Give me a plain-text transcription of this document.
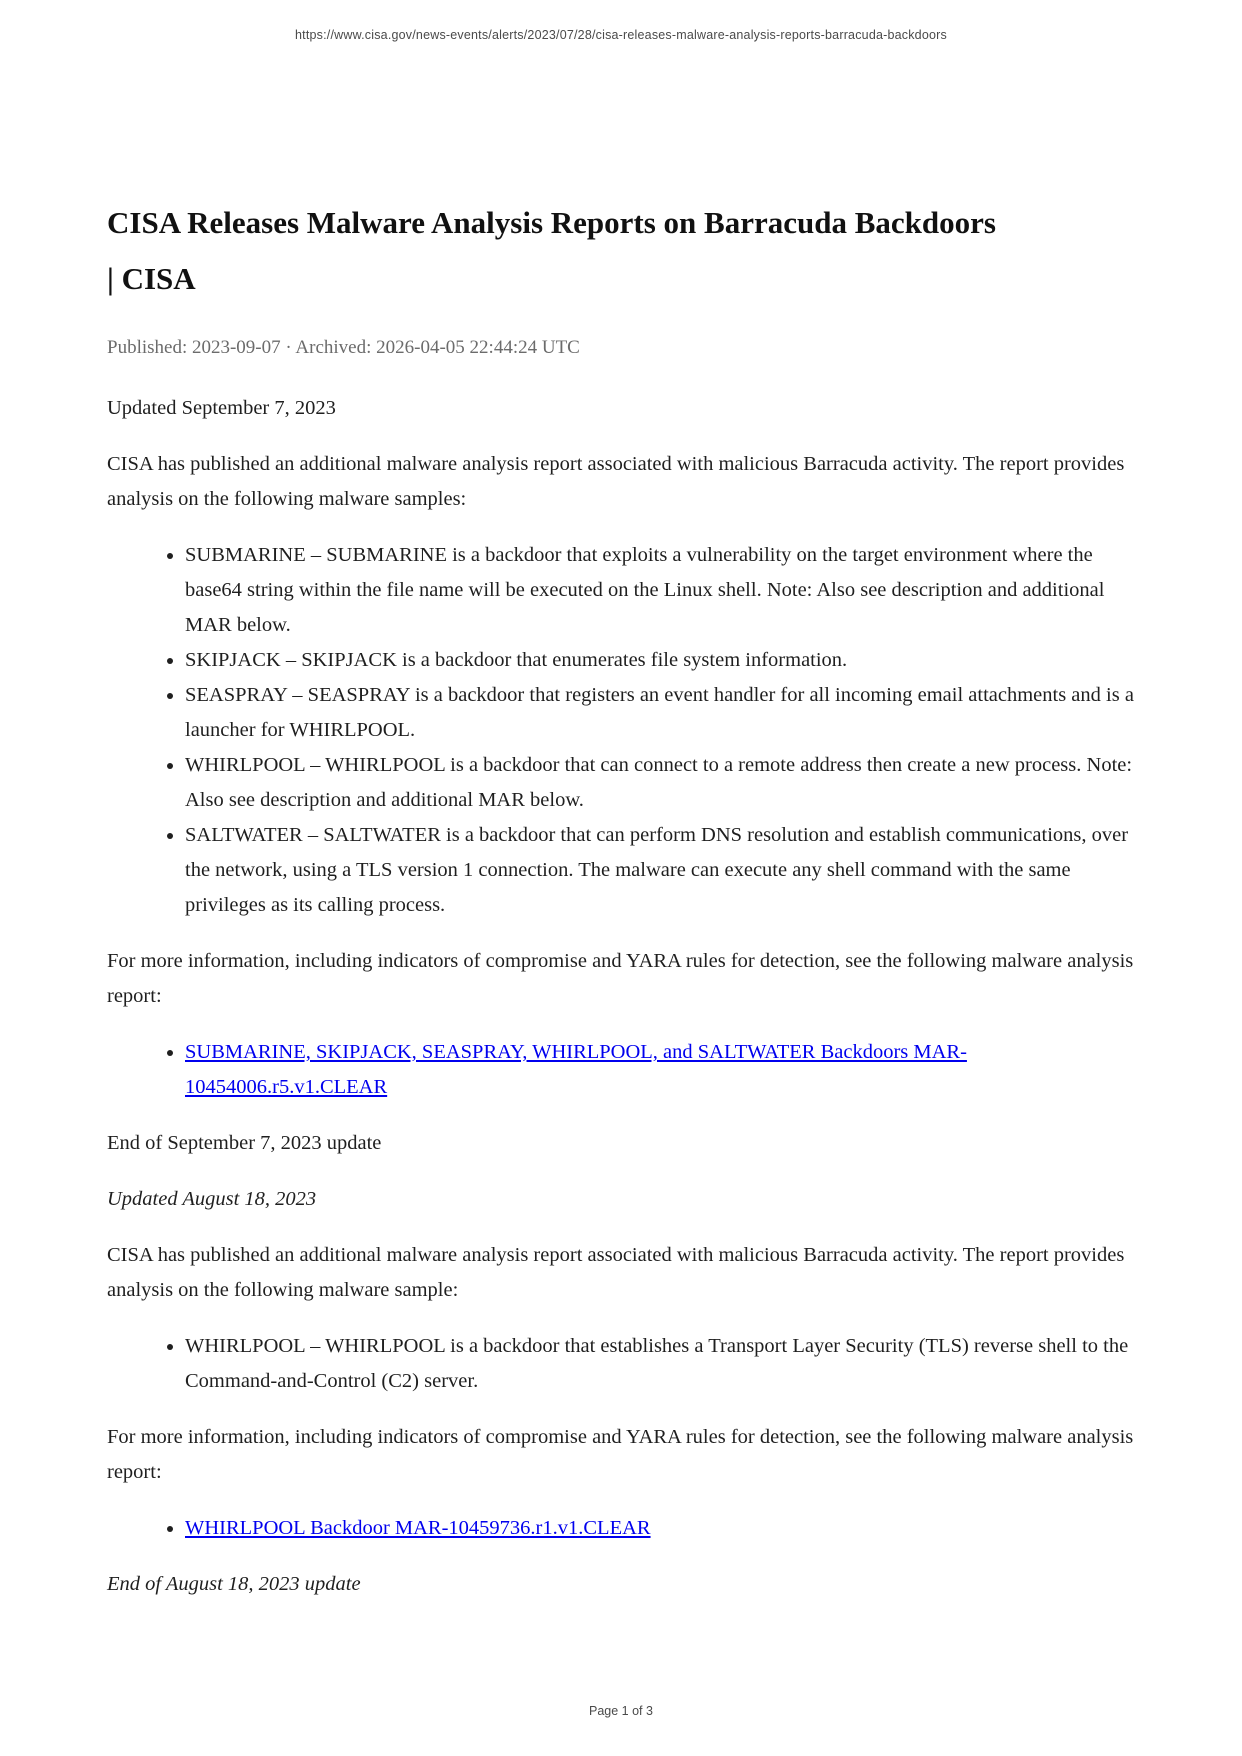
https://www.cisa.gov/news-events/alerts/2023/07/28/cisa-releases-malware-analysis-reports-barracuda-backdoors
CISA Releases Malware Analysis Reports on Barracuda Backdoors
| CISA

Published: 2023-09-07 · Archived: 2026-04-05 22:44:24 UTC

Updated September 7, 2023

CISA has published an additional malware analysis report associated with malicious Barracuda activity. The report provides analysis on the following malware samples:

• SUBMARINE – SUBMARINE is a backdoor that exploits a vulnerability on the target environment where the base64 string within the file name will be executed on the Linux shell. Note: Also see description and additional MAR below.
• SKIPJACK – SKIPJACK is a backdoor that enumerates file system information.
• SEASPRAY – SEASPRAY is a backdoor that registers an event handler for all incoming email attachments and is a launcher for WHIRLPOOL.
• WHIRLPOOL – WHIRLPOOL is a backdoor that can connect to a remote address then create a new process. Note: Also see description and additional MAR below.
• SALTWATER – SALTWATER is a backdoor that can perform DNS resolution and establish communications, over the network, using a TLS version 1 connection. The malware can execute any shell command with the same privileges as its calling process.

For more information, including indicators of compromise and YARA rules for detection, see the following malware analysis report:

• SUBMARINE, SKIPJACK, SEASPRAY, WHIRLPOOL, and SALTWATER Backdoors MAR-10454006.r5.v1.CLEAR

End of September 7, 2023 update

Updated August 18, 2023

CISA has published an additional malware analysis report associated with malicious Barracuda activity. The report provides analysis on the following malware sample:

• WHIRLPOOL – WHIRLPOOL is a backdoor that establishes a Transport Layer Security (TLS) reverse shell to the Command-and-Control (C2) server.

For more information, including indicators of compromise and YARA rules for detection, see the following malware analysis report:

• WHIRLPOOL Backdoor MAR-10459736.r1.v1.CLEAR

End of August 18, 2023 update

Page 1 of 3
